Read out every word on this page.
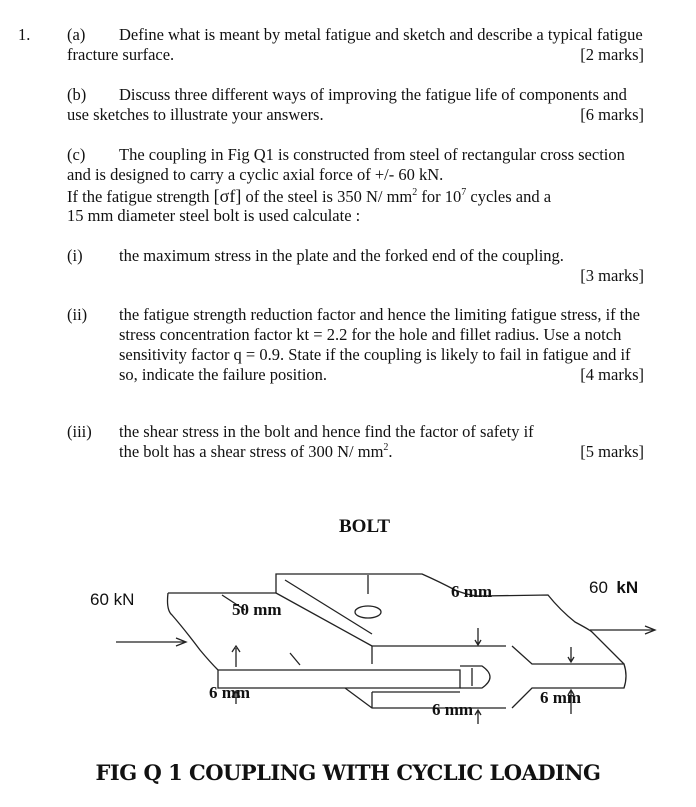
1. (a) Define what is meant by metal fatigue and sketch and describe a typical fatigue
fracture surface.	[2 marks]
(b) Discuss three different ways of improving the fatigue life of components and
use sketches to illustrate your answers.	[6 marks]
(c) The coupling in Fig Q1 is constructed from steel of rectangular cross section
and is designed to carry a cyclic axial force of +/- 60 kN.
If the fatigue strength [σf] of the steel is 350 N/ $mm^2$ for $10^7$ cycles and a
15 mm diameter steel bolt is used calculate :
(i) the maximum stress in the plate and the forked end of the coupling.
[3 marks]
(ii) the fatigue strength reduction factor and hence the limiting fatigue stress, if the
stress concentration factor kt = 2.2 for the hole and fillet radius. Use a notch
sensitivity factor q = 0.9. State if the coupling is likely to fail in fatigue and if
so, indicate the failure position.	[4 marks]
(iii) the shear stress in the bolt and hence find the factor of safety if
the bolt has a shear stress of 300 N/ $mm^2$.	[5 marks]
BOLT
60 kN
60 kN
50 mm
6 mm
6 mm
6 mm
6 mm
FIG Q 1 COUPLING WITH CYCLIC LOADING
